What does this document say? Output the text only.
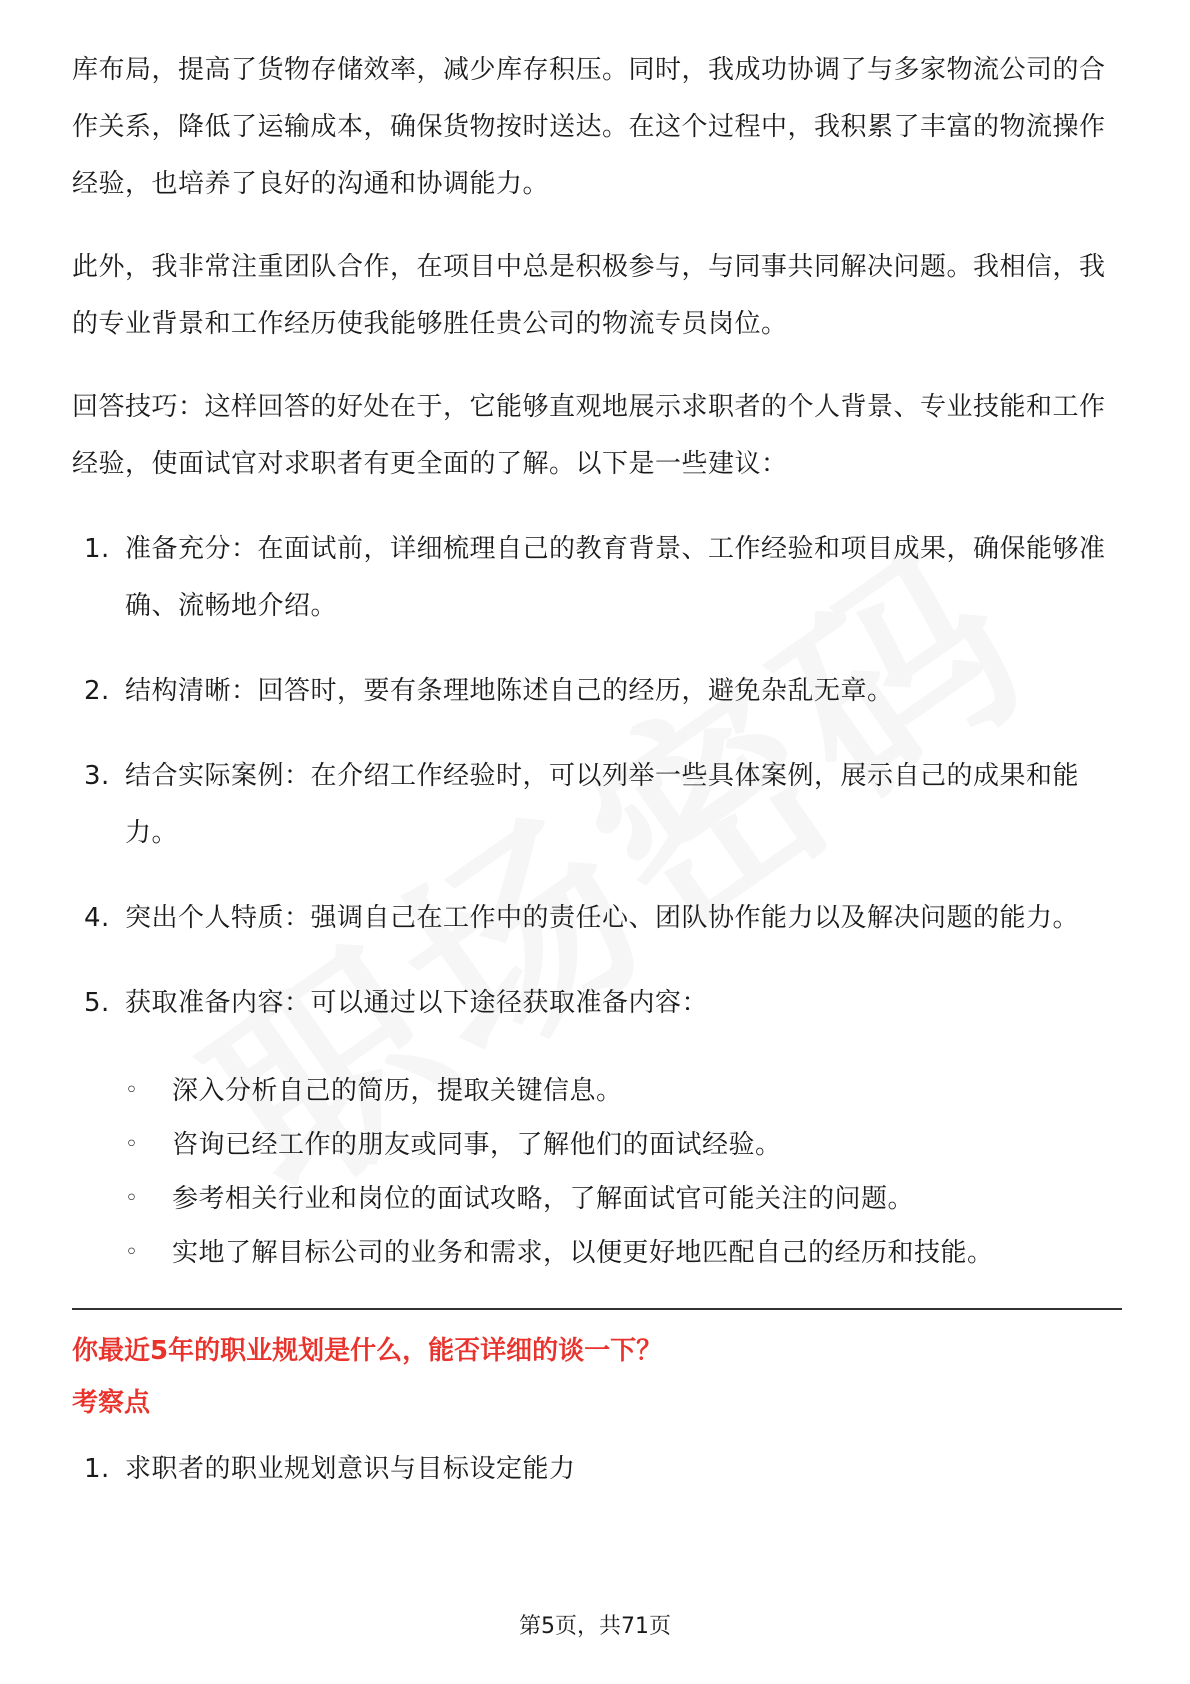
库布局，提高了货物存储效率，减少库存积压。同时，我成功协调了与多家物流公司的合作关系，降低了运输成本，确保货物按时送达。在这个过程中，我积累了丰富的物流操作经验，也培养了良好的沟通和协调能力。

此外，我非常注重团队合作，在项目中总是积极参与，与同事共同解决问题。我相信，我的专业背景和工作经历使我能够胜任贵公司的物流专员岗位。

回答技巧：这样回答的好处在于，它能够直观地展示求职者的个人背景、专业技能和工作经验，使面试官对求职者有更全面的了解。以下是一些建议：

1. 准备充分：在面试前，详细梳理自己的教育背景、工作经验和项目成果，确保能够准确、流畅地介绍。
2. 结构清晰：回答时，要有条理地陈述自己的经历，避免杂乱无章。
3. 结合实际案例：在介绍工作经验时，可以列举一些具体案例，展示自己的成果和能力。
4. 突出个人特质：强调自己在工作中的责任心、团队协作能力以及解决问题的能力。
5. 获取准备内容：可以通过以下途径获取准备内容：
◦ 深入分析自己的简历，提取关键信息。
◦ 咨询已经工作的朋友或同事，了解他们的面试经验。
◦ 参考相关行业和岗位的面试攻略，了解面试官可能关注的问题。
◦ 实地了解目标公司的业务和需求，以便更好地匹配自己的经历和技能。
你最近5年的职业规划是什么，能否详细的谈一下？
考察点
1. 求职者的职业规划意识与目标设定能力
第5页，共71页
